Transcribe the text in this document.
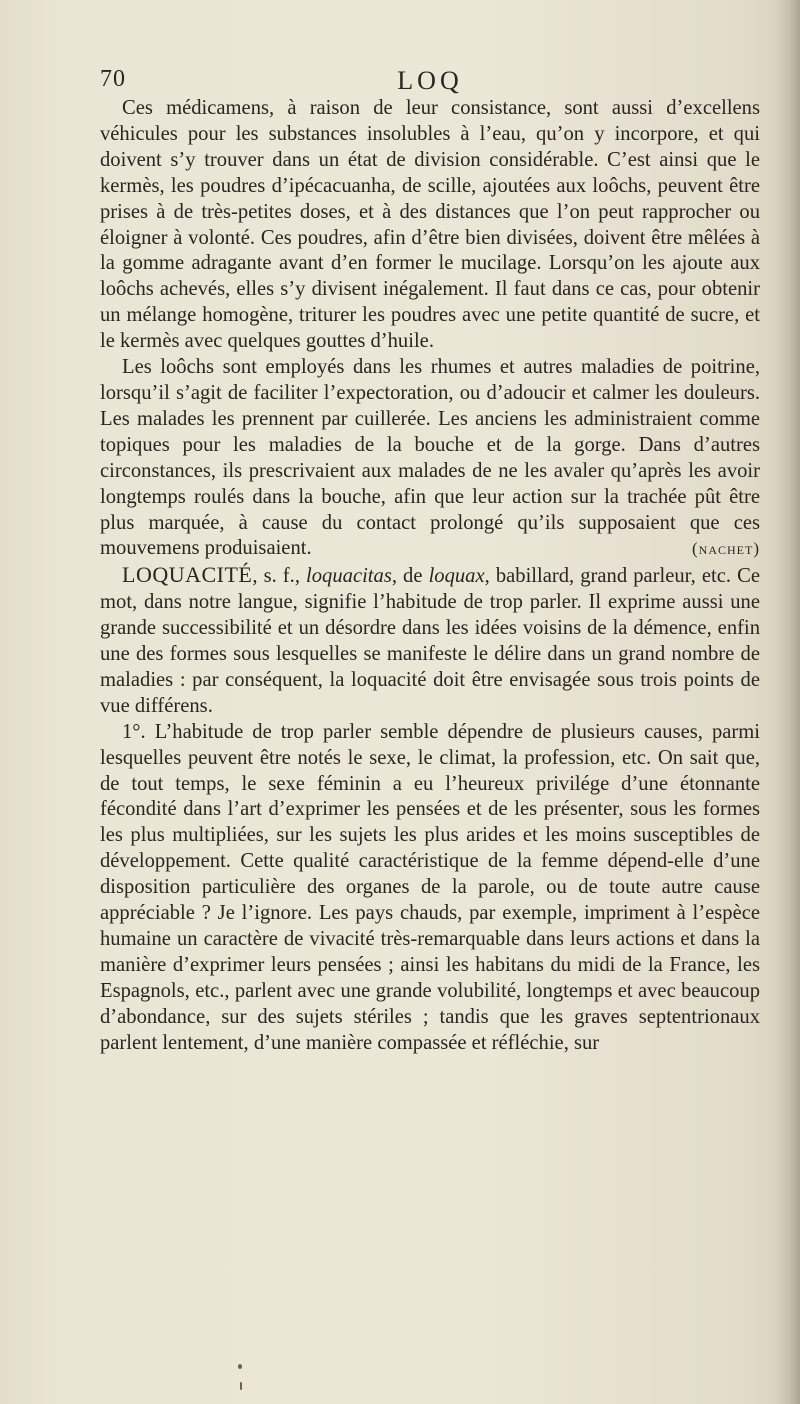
70	LOQ

Ces médicamens, à raison de leur consistance, sont aussi d’excellens véhicules pour les substances insolubles à l’eau, qu’on y incorpore, et qui doivent s’y trouver dans un état de division considérable. C’est ainsi que le kermès, les poudres d’ipécacuanha, de scille, ajoutées aux loôchs, peuvent être prises à de très-petites doses, et à des distances que l’on peut rapprocher ou éloigner à volonté. Ces poudres, afin d’être bien divisées, doivent être mêlées à la gomme adragante avant d’en former le mucilage. Lorsqu’on les ajoute aux loôchs achevés, elles s’y divisent inégalement. Il faut dans ce cas, pour obtenir un mélange homogène, triturer les poudres avec une petite quantité de sucre, et le kermès avec quelques gouttes d’huile.

Les loôchs sont employés dans les rhumes et autres maladies de poitrine, lorsqu’il s’agit de faciliter l’expectoration, ou d’adoucir et calmer les douleurs. Les malades les prennent par cuillerée. Les anciens les administraient comme topiques pour les maladies de la bouche et de la gorge. Dans d’autres circonstances, ils prescrivaient aux malades de ne les avaler qu’après les avoir longtemps roulés dans la bouche, afin que leur action sur la trachée pût être plus marquée, à cause du contact prolongé qu’ils supposaient que ces mouvemens produisaient.	(nachet)

LOQUACITÉ, s. f., loquacitas, de loquax, babillard, grand parleur, etc. Ce mot, dans notre langue, signifie l’habitude de trop parler. Il exprime aussi une grande successibilité et un désordre dans les idées voisins de la démence, enfin une des formes sous lesquelles se manifeste le délire dans un grand nombre de maladies : par conséquent, la loquacité doit être envisagée sous trois points de vue différens.

1°. L’habitude de trop parler semble dépendre de plusieurs causes, parmi lesquelles peuvent être notés le sexe, le climat, la profession, etc. On sait que, de tout temps, le sexe féminin a eu l’heureux privilége d’une étonnante fécondité dans l’art d’exprimer les pensées et de les présenter, sous les formes les plus multipliées, sur les sujets les plus arides et les moins susceptibles de développement. Cette qualité caractéristique de la femme dépend-elle d’une disposition particulière des organes de la parole, ou de toute autre cause appréciable ? Je l’ignore. Les pays chauds, par exemple, impriment à l’espèce humaine un caractère de vivacité très-remarquable dans leurs actions et dans la manière d’exprimer leurs pensées ; ainsi les habitans du midi de la France, les Espagnols, etc., parlent avec une grande volubilité, longtemps et avec beaucoup d’abondance, sur des sujets stériles ; tandis que les graves septentrionaux parlent lentement, d’une manière compassée et réfléchie, sur
